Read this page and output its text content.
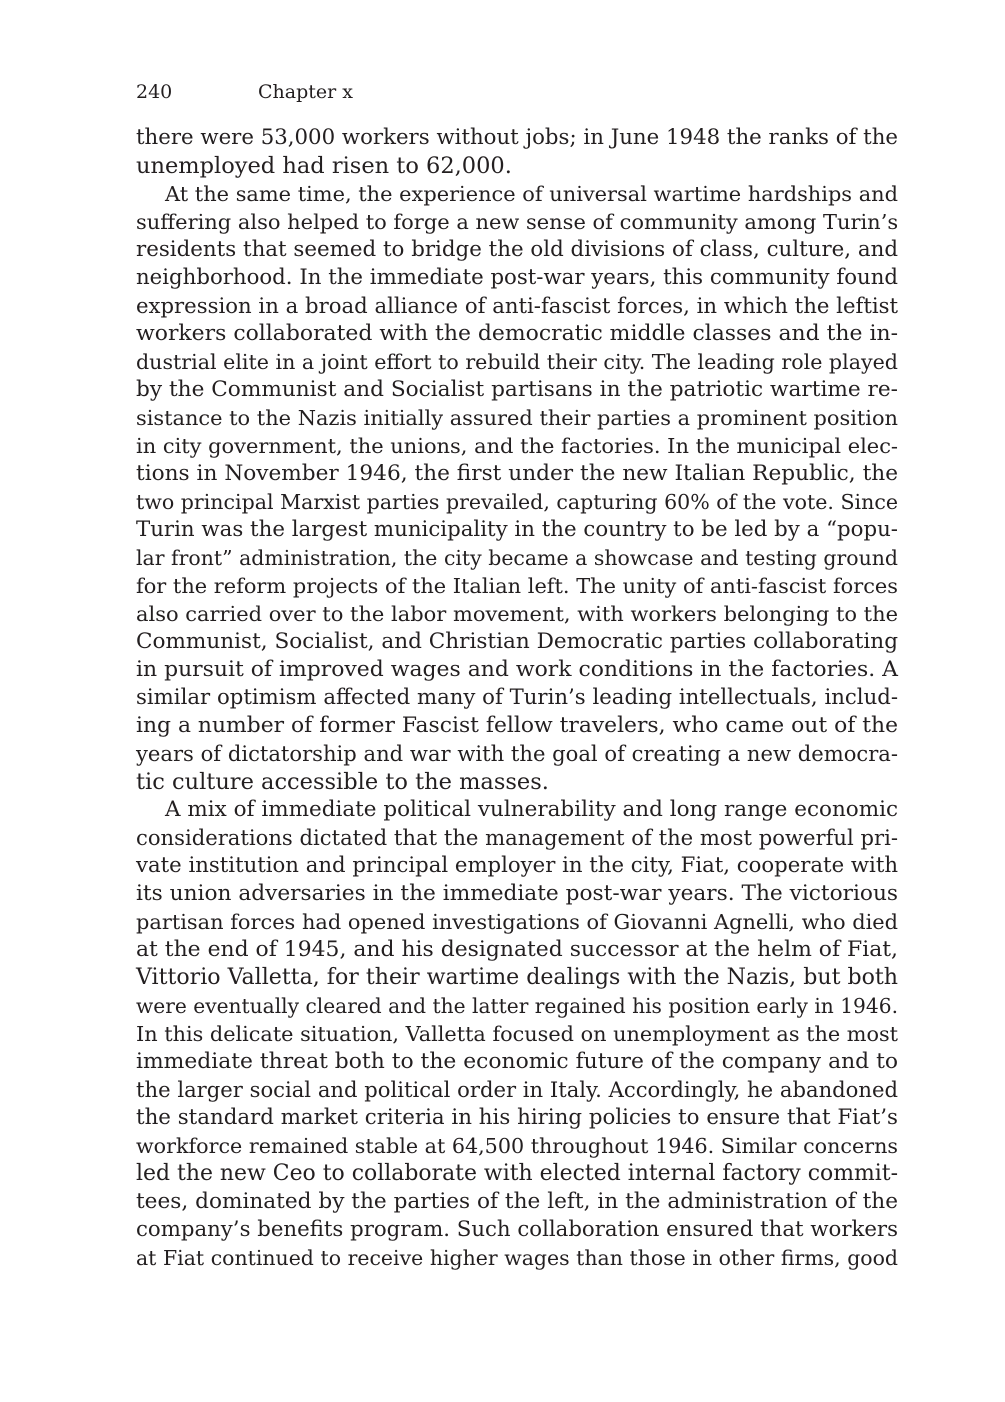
240	Chapter x
there were 53,000 workers without jobs; in June 1948 the ranks of the
unemployed had risen to 62,000.
At the same time, the experience of universal wartime hardships and
suffering also helped to forge a new sense of community among Turin’s
residents that seemed to bridge the old divisions of class, culture, and
neighborhood. In the immediate post-war years, this community found
expression in a broad alliance of anti-fascist forces, in which the leftist
workers collaborated with the democratic middle classes and the in-
dustrial elite in a joint effort to rebuild their city. The leading role played
by the Communist and Socialist partisans in the patriotic wartime re-
sistance to the Nazis initially assured their parties a prominent position
in city government, the unions, and the factories. In the municipal elec-
tions in November 1946, the first under the new Italian Republic, the
two principal Marxist parties prevailed, capturing 60% of the vote. Since
Turin was the largest municipality in the country to be led by a “popu-
lar front” administration, the city became a showcase and testing ground
for the reform projects of the Italian left. The unity of anti-fascist forces
also carried over to the labor movement, with workers belonging to the
Communist, Socialist, and Christian Democratic parties collaborating
in pursuit of improved wages and work conditions in the factories. A
similar optimism affected many of Turin’s leading intellectuals, includ-
ing a number of former Fascist fellow travelers, who came out of the
years of dictatorship and war with the goal of creating a new democra-
tic culture accessible to the masses.
A mix of immediate political vulnerability and long range economic
considerations dictated that the management of the most powerful pri-
vate institution and principal employer in the city, Fiat, cooperate with
its union adversaries in the immediate post-war years. The victorious
partisan forces had opened investigations of Giovanni Agnelli, who died
at the end of 1945, and his designated successor at the helm of Fiat,
Vittorio Valletta, for their wartime dealings with the Nazis, but both
were eventually cleared and the latter regained his position early in 1946.
In this delicate situation, Valletta focused on unemployment as the most
immediate threat both to the economic future of the company and to
the larger social and political order in Italy. Accordingly, he abandoned
the standard market criteria in his hiring policies to ensure that Fiat’s
workforce remained stable at 64,500 throughout 1946. Similar concerns
led the new Ceo to collaborate with elected internal factory commit-
tees, dominated by the parties of the left, in the administration of the
company’s benefits program. Such collaboration ensured that workers
at Fiat continued to receive higher wages than those in other firms, good
